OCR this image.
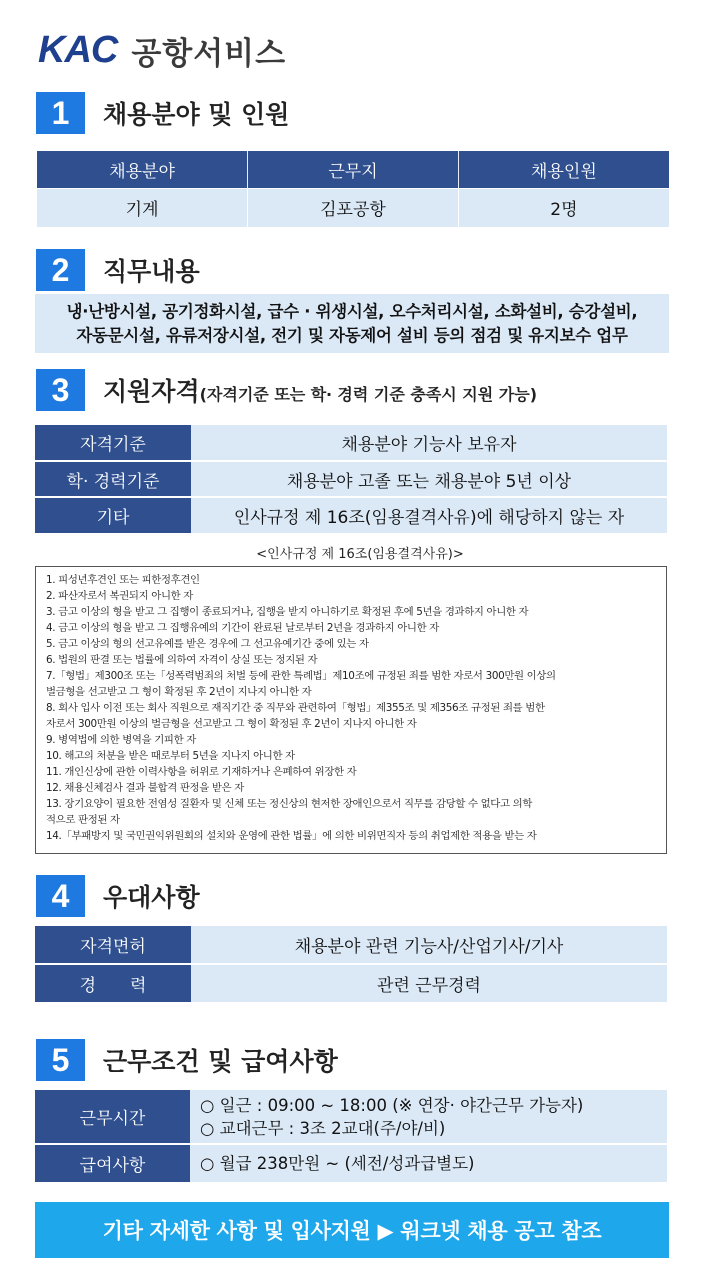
KAC 공항서비스
1	채용분야 및 인원
채용분야	근무지	채용인원
기계	김포공항	2명
2	직무내용
냉·난방시설, 공기정화시설, 급수 · 위생시설, 오수처리시설, 소화설비, 승강설비,
자동문시설, 유류저장시설, 전기 및 자동제어 설비 등의 점검 및 유지보수 업무
3	지원자격(자격기준 또는 학‧ 경력 기준 충족시 지원 가능)
자격기준	채용분야 기능사 보유자
학‧ 경력기준	채용분야 고졸 또는 채용분야 5년 이상
기타	인사규정 제 16조(임용결격사유)에 해당하지 않는 자
<인사규정 제 16조(임용결격사유)>
1. 피성년후견인 또는 피한정후견인
2. 파산자로서 복권되지 아니한 자
3. 금고 이상의 형을 받고 그 집행이 종료되거나, 집행을 받지 아니하기로 확정된 후에 5년을 경과하지 아니한 자
4. 금고 이상의 형을 받고 그 집행유예의 기간이 완료된 날로부터 2년을 경과하지 아니한 자
5. 금고 이상의 형의 선고유예를 받은 경우에 그 선고유예기간 중에 있는 자
6. 법원의 판결 또는 법률에 의하여 자격이 상실 또는 정지된 자
7.「형법」제300조 또는「성폭력범죄의 처벌 등에 관한 특례법」제10조에 규정된 죄를 범한 자로서 300만원 이상의
벌금형을 선고받고 그 형이 확정된 후 2년이 지나지 아니한 자
8. 회사 입사 이전 또는 회사 직원으로 재직기간 중 직무와 관련하여「형법」제355조 및 제356조 규정된 죄를 범한
자로서 300만원 이상의 벌금형을 선고받고 그 형이 확정된 후 2년이 지나지 아니한 자
9. 병역법에 의한 병역을 기피한 자
10. 해고의 처분을 받은 때로부터 5년을 지나지 아니한 자
11. 개인신상에 관한 이력사항을 허위로 기재하거나 은폐하여 위장한 자
12. 채용신체검사 결과 불합격 판정을 받은 자
13. 장기요양이 필요한 전염성 질환자 및 신체 또는 정신상의 현저한 장애인으로서 직무를 감당할 수 없다고 의학
적으로 판정된 자
14.「부패방지 및 국민권익위원회의 설치와 운영에 관한 법률」에 의한 비위면직자 등의 취업제한 적용을 받는 자
4	우대사항
자격면허	채용분야 관련 기능사/산업기사/기사
경　　력	관련 근무경력
5	근무조건 및 급여사항
근무시간	○ 일근 : 09:00 ~ 18:00 (※ 연장‧ 야간근무 가능자)
○ 교대근무 : 3조 2교대(주/야/비)

급여사항	○ 월급 238만원 ~ (세전/성과급별도)
기타 자세한 사항 및 입사지원 ▶ 워크넷 채용 공고 참조
